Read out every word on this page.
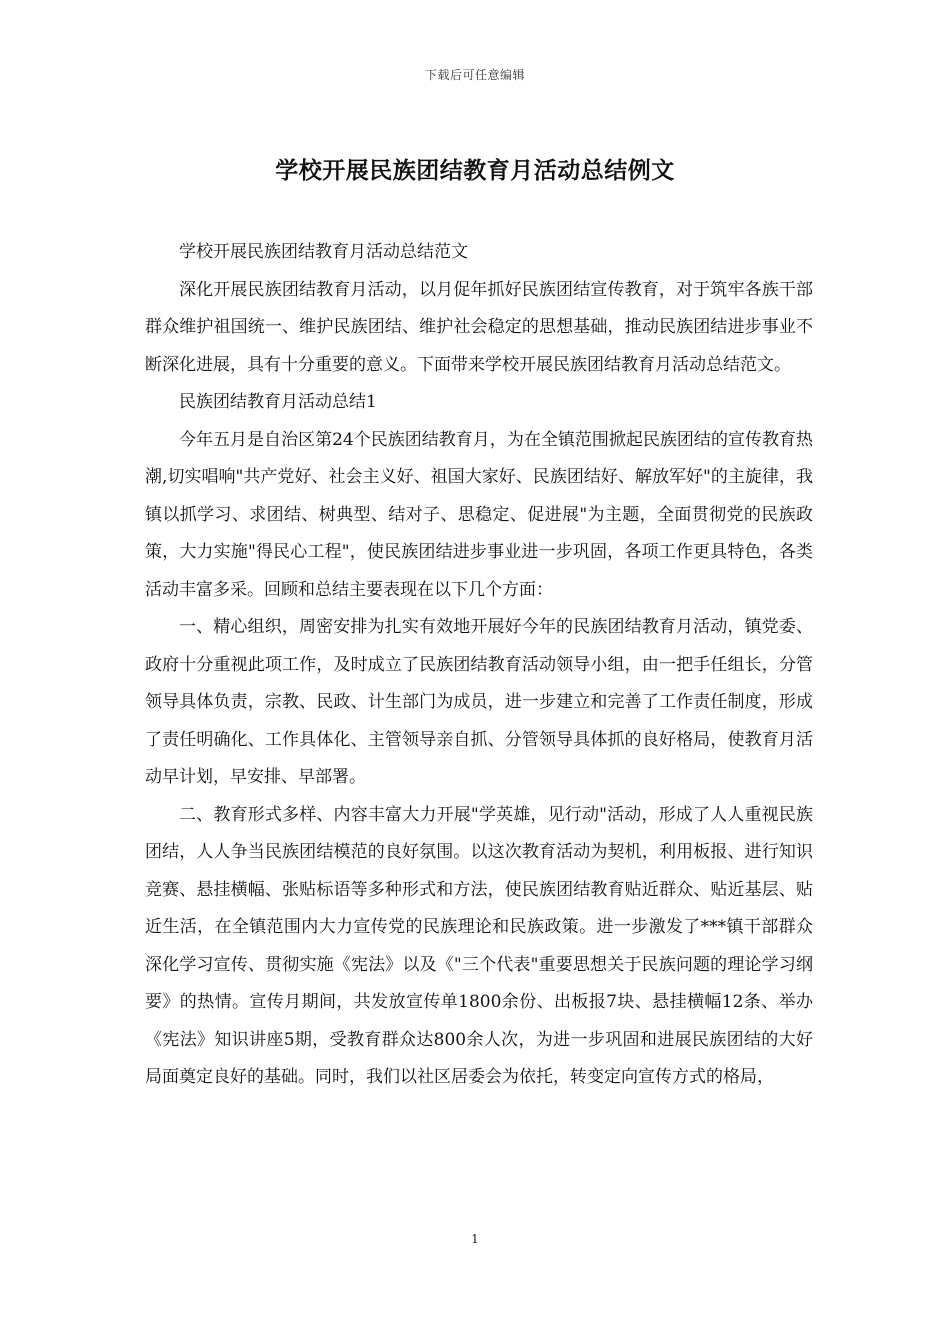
下载后可任意编辑
学校开展民族团结教育月活动总结例文

学校开展民族团结教育月活动总结范文

深化开展民族团结教育月活动，以月促年抓好民族团结宣传教育，对于筑牢各族干部群众维护祖国统一、维护民族团结、维护社会稳定的思想基础，推动民族团结进步事业不断深化进展，具有十分重要的意义。下面带来学校开展民族团结教育月活动总结范文。

民族团结教育月活动总结1

今年五月是自治区第24个民族团结教育月，为在全镇范围掀起民族团结的宣传教育热潮,切实唱响"共产党好、社会主义好、祖国大家好、民族团结好、解放军好"的主旋律，我镇以抓学习、求团结、树典型、结对子、思稳定、促进展"为主题，全面贯彻党的民族政策，大力实施"得民心工程"，使民族团结进步事业进一步巩固，各项工作更具特色，各类活动丰富多采。回顾和总结主要表现在以下几个方面：

一、精心组织，周密安排为扎实有效地开展好今年的民族团结教育月活动，镇党委、政府十分重视此项工作，及时成立了民族团结教育活动领导小组，由一把手任组长，分管领导具体负责，宗教、民政、计生部门为成员，进一步建立和完善了工作责任制度，形成了责任明确化、工作具体化、主管领导亲自抓、分管领导具体抓的良好格局，使教育月活动早计划，早安排、早部署。

二、教育形式多样、内容丰富大力开展"学英雄，见行动"活动，形成了人人重视民族团结，人人争当民族团结模范的良好氛围。以这次教育活动为契机，利用板报、进行知识竞赛、悬挂横幅、张贴标语等多种形式和方法，使民族团结教育贴近群众、贴近基层、贴近生活，在全镇范围内大力宣传党的民族理论和民族政策。进一步激发了***镇干部群众深化学习宣传、贯彻实施《宪法》以及《"三个代表"重要思想关于民族问题的理论学习纲要》的热情。宣传月期间，共发放宣传单1800余份、出板报7块、悬挂横幅12条、举办《宪法》知识讲座5期，受教育群众达800余人次，为进一步巩固和进展民族团结的大好局面奠定良好的基础。同时，我们以社区居委会为依托，转变定向宣传方式的格局，

1
